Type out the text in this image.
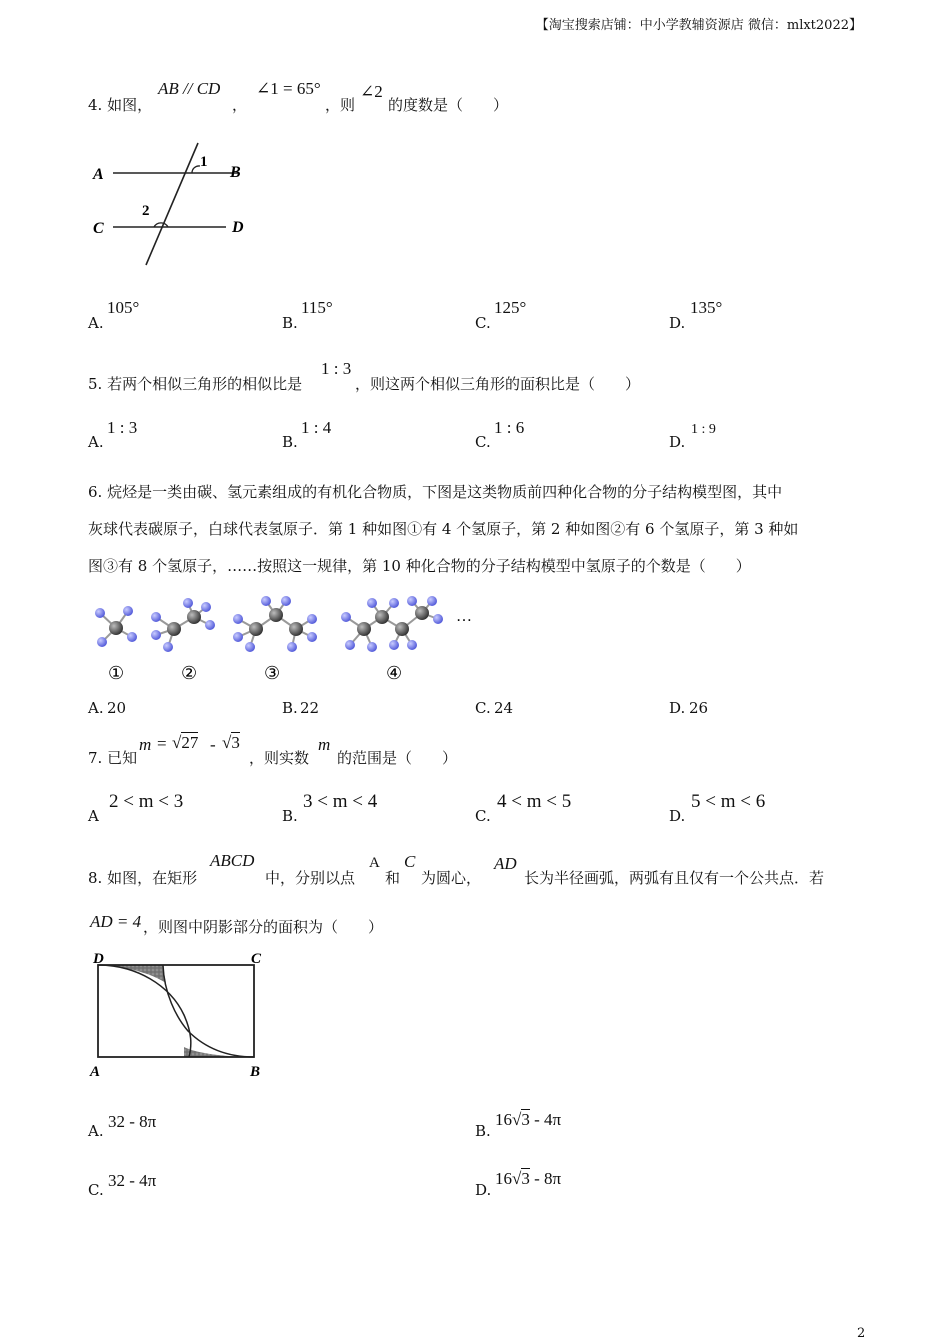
【淘宝搜索店铺：中小学教辅资源店 微信：mlxt2022】
4. 如图，
AB // CD
，
∠1 = 65°
，则
∠2
的度数是（　　）
A	B
C	D
1
2
A.
105°
B.
115°
C.
125°
D.
135°
5. 若两个相似三角形的相似比是
1 : 3
，则这两个相似三角形的面积比是（　　）
A.
1 : 3
B.
1 : 4
C.
1 : 6
D.
1 : 9
6. 烷烃是一类由碳、氢元素组成的有机化合物质，下图是这类物质前四种化合物的分子结构模型图，其中
灰球代表碳原子，白球代表氢原子．第 1 种如图①有 4 个氢原子，第 2 种如图②有 6 个氢原子，第 3 种如
图③有 8 个氢原子，……按照这一规律，第 10 种化合物的分子结构模型中氢原子的个数是（　　）
…
①	②	③	④
A. 20	B. 22	C. 24	D. 26
7. 已知
m = √27 - √3
，则实数
m
的范围是（　　）
A
2 < m < 3
B.
3 < m < 4
C.
4 < m < 5
D.
5 < m < 6
8. 如图，在矩形
ABCD
中，分别以点
A
和
C
为圆心，
AD
长为半径画弧，两弧有且仅有一个公共点．若
AD = 4 ，则图中阴影部分的面积为（　　）
D	C
A	B
A. 32 - 8π	B.
16√3 - 4π
C. 32 - 4π	D.
16√3 - 8π
2
